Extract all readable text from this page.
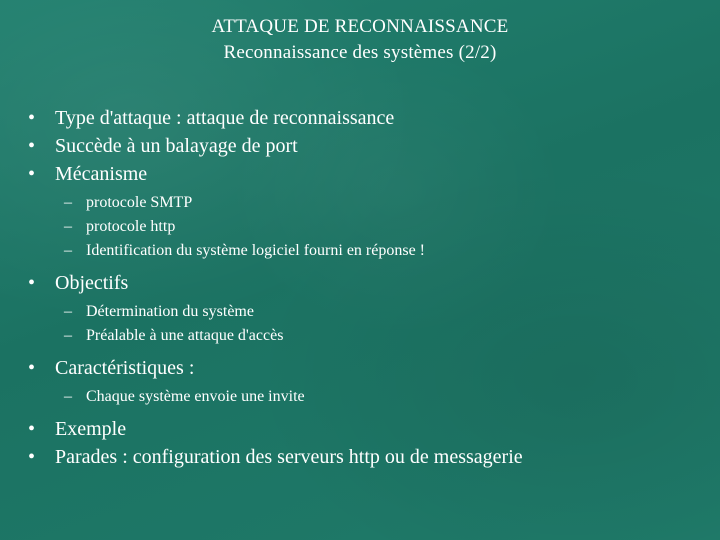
ATTAQUE DE RECONNAISSANCE
Reconnaissance des systèmes (2/2)
• Type d'attaque : attaque de reconnaissance
• Succède à un balayage de port
• Mécanisme
– protocole SMTP
– protocole http
– Identification du système logiciel fourni en réponse !
• Objectifs
– Détermination du système
– Préalable à une attaque d'accès
• Caractéristiques :
– Chaque système envoie une invite
• Exemple
• Parades : configuration des serveurs http ou de messagerie
